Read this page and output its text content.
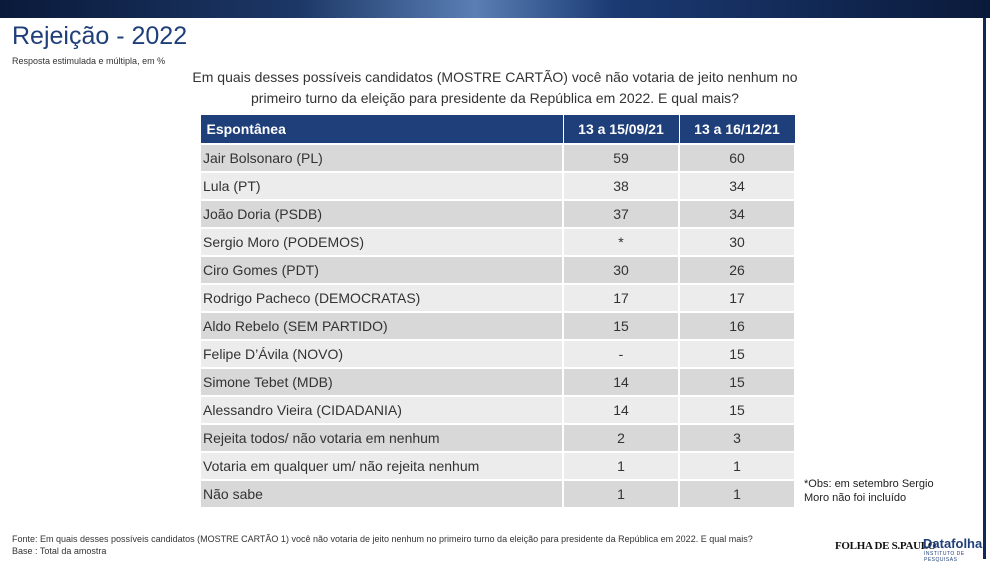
Rejeição - 2022
Resposta estimulada e múltipla, em %
Em quais desses possíveis candidatos (MOSTRE CARTÃO) você não votaria de jeito nenhum no primeiro turno da eleição para presidente da República em 2022. E qual mais?
Espontânea	13 a 15/09/21	13 a 16/12/21
Jair Bolsonaro (PL)	59	60
Lula (PT)	38	34
João Doria (PSDB)	37	34
Sergio Moro (PODEMOS)	*	30
Ciro Gomes (PDT)	30	26
Rodrigo Pacheco (DEMOCRATAS)	17	17
Aldo Rebelo (SEM PARTIDO)	15	16
Felipe D’Ávila (NOVO)	-	15
Simone Tebet (MDB)	14	15
Alessandro Vieira (CIDADANIA)	14	15
Rejeita todos/ não votaria em nenhum	2	3
Votaria em qualquer um/ não rejeita nenhum	1	1
Não sabe	1	1
*Obs: em setembro Sergio Moro não foi incluído
Fonte: Em quais desses possíveis candidatos (MOSTRE CARTÃO 1) você não votaria de jeito nenhum no primeiro turno da eleição para presidente da República em 2022. E qual mais?
Base : Total da amostra	FOLHA DE S.PAULO
Datafolha
INSTITUTO DE PESQUISAS
